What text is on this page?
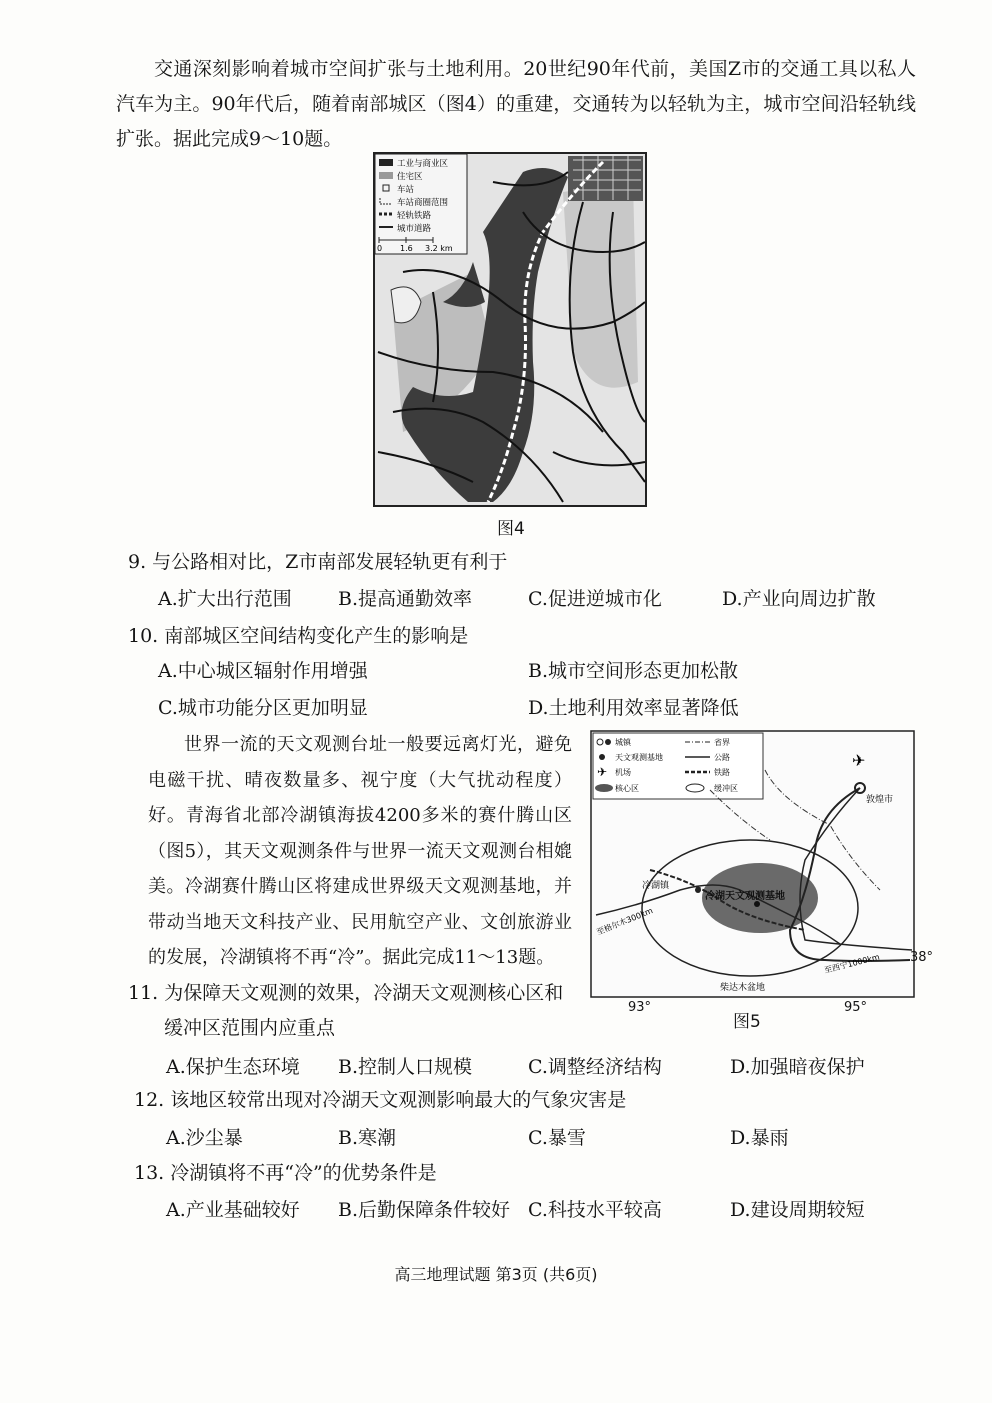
交通深刻影响着城市空间扩张与土地利用。20世纪90年代前，美国Z市的交通工具以私人汽车为主。90年代后，随着南部城区（图4）的重建，交通转为以轻轨为主，城市空间沿轻轨线扩张。据此完成9～10题。

工业与商业区
住宅区
车站
车站商圈范围
轻轨铁路
城市道路
0 1.6 3.2 km
图4
9. 与公路相对比，Z市南部发展轻轨更有利于
A.扩大出行范围 B.提高通勤效率	C.促进逆城市化	D.产业向周边扩散
10. 南部城区空间结构变化产生的影响是
A.中心城区辐射作用增强	B.城市空间形态更加松散
C.城市功能分区更加明显	D.土地利用效率显著降低

世界一流的天文观测台址一般要远离灯光，避免电磁干扰、晴夜数量多、视宁度（大气扰动程度）好。青海省北部冷湖镇海拔4200多米的赛什腾山区（图5），其天文观测条件与世界一流天文观测台相媲美。冷湖赛什腾山区将建成世界级天文观测基地，并带动当地天文科技产业、民用航空产业、文创旅游业的发展，冷湖镇将不再“冷”。据此完成11～13题。

城镇	省界
天文观测基地	公路
✈ 机场	铁路
核心区	缓冲区
✈
敦煌市
冷湖镇
冷湖天文观测基地
至格尔木300km
至西宁1000km
柴达木盆地
38°
93°	95°
图5
11. 为保障天文观测的效果，冷湖天文观测核心区和
缓冲区范围内应重点
A.保护生态环境 B.控制人口规模	C.调整经济结构	D.加强暗夜保护
12. 该地区较常出现对冷湖天文观测影响最大的气象灾害是
A.沙尘暴	B.寒潮	C.暴雪	D.暴雨
13. 冷湖镇将不再“冷”的优势条件是
A.产业基础较好 B.后勤保障条件较好 C.科技水平较高	D.建设周期较短
高三地理试题 第3页 (共6页)
